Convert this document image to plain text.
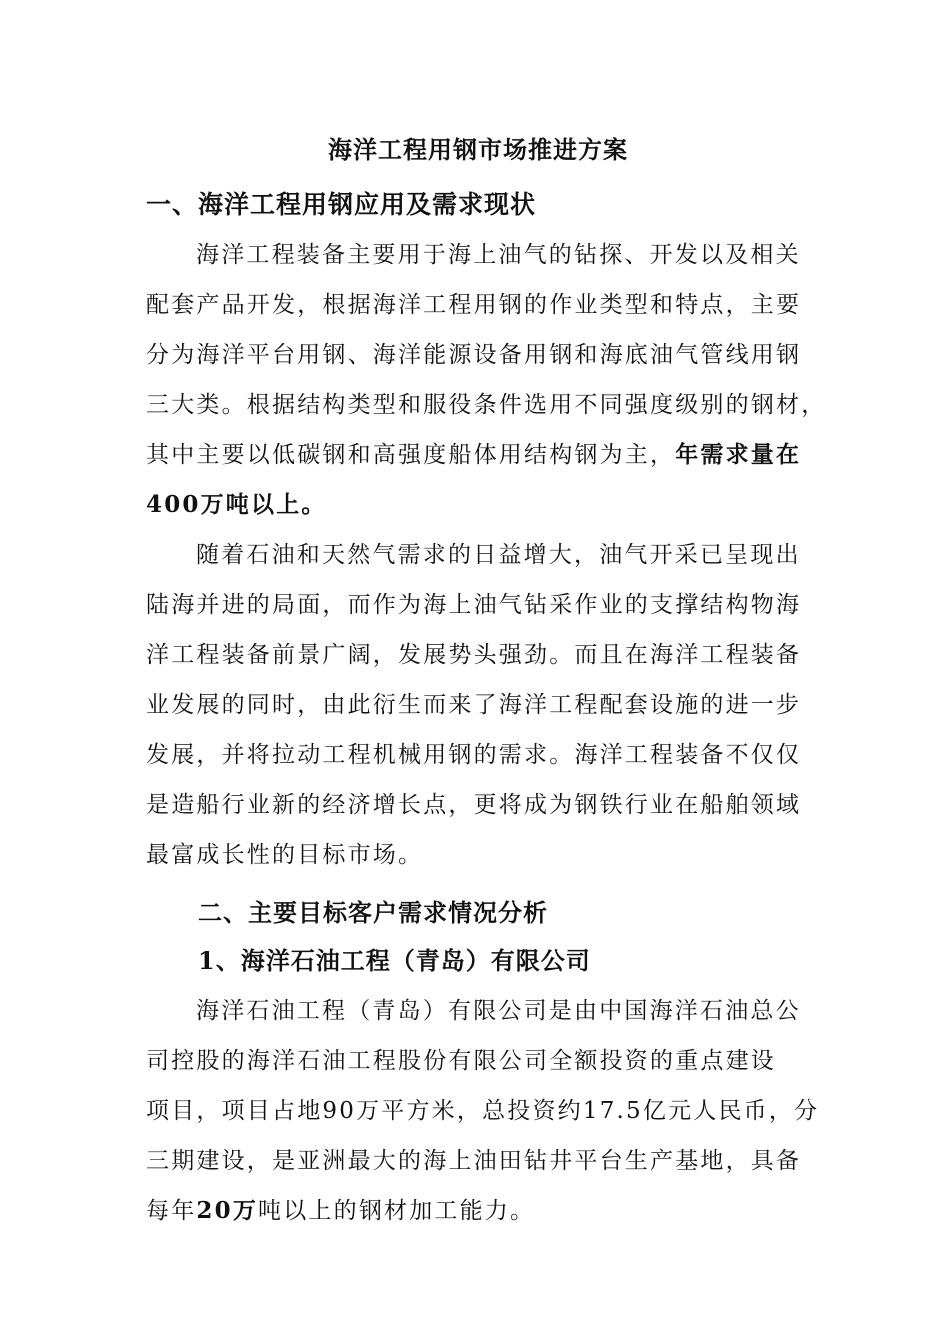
海洋工程用钢市场推进方案
一、海洋工程用钢应用及需求现状
海洋工程装备主要用于海上油气的钻探、开发以及相关
配套产品开发，根据海洋工程用钢的作业类型和特点，主要
分为海洋平台用钢、海洋能源设备用钢和海底油气管线用钢
三大类。根据结构类型和服役条件选用不同强度级别的钢材，
其中主要以低碳钢和高强度船体用结构钢为主，年需求量在
400万吨以上。
随着石油和天然气需求的日益增大，油气开采已呈现出
陆海并进的局面，而作为海上油气钻采作业的支撑结构物海
洋工程装备前景广阔，发展势头强劲。而且在海洋工程装备
业发展的同时，由此衍生而来了海洋工程配套设施的进一步
发展，并将拉动工程机械用钢的需求。海洋工程装备不仅仅
是造船行业新的经济增长点，更将成为钢铁行业在船舶领域
最富成长性的目标市场。
二、主要目标客户需求情况分析
1、海洋石油工程（青岛）有限公司
海洋石油工程（青岛）有限公司是由中国海洋石油总公
司控股的海洋石油工程股份有限公司全额投资的重点建设
项目，项目占地90万平方米，总投资约17.5亿元人民币，分
三期建设，是亚洲最大的海上油田钻井平台生产基地，具备
每年20万吨以上的钢材加工能力。
